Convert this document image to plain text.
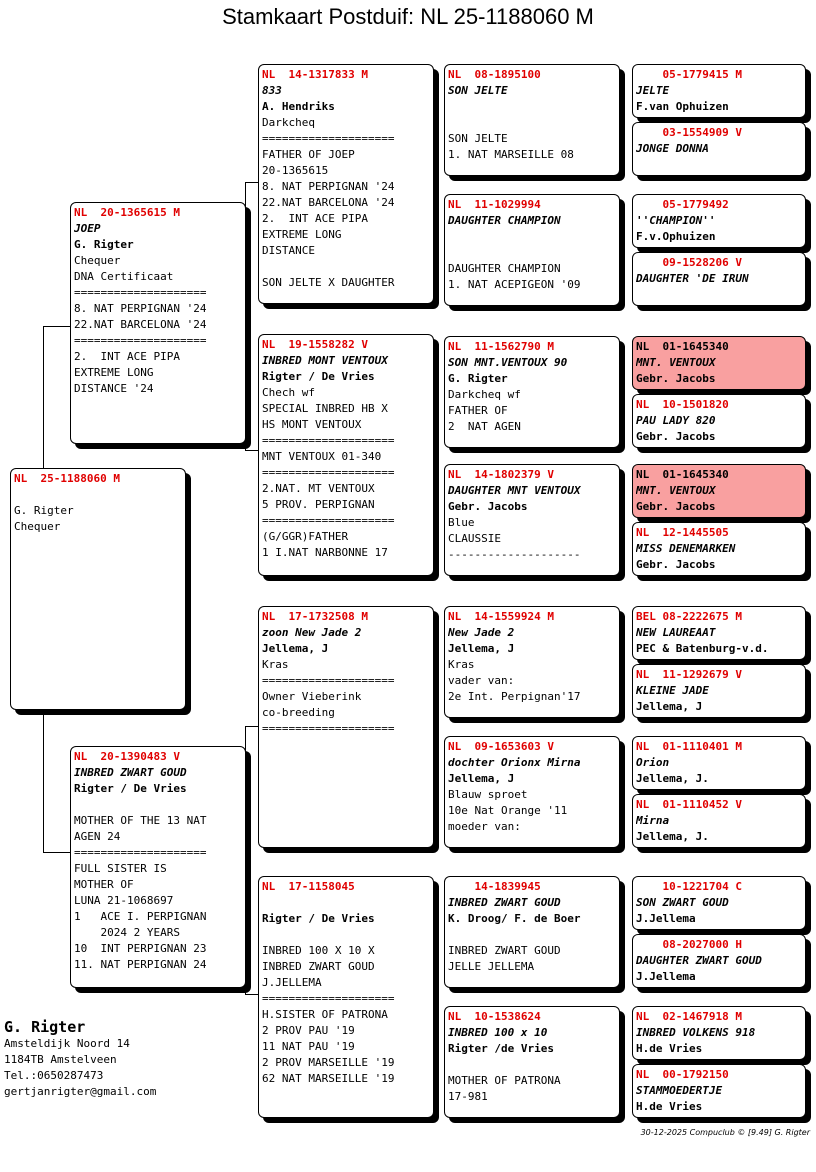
Stamkaart Postduif: NL 25-1188060 M
NL  25-1188060 M
G. Rigter
Chequer
NL  20-1365615 M
JOEP
G. Rigter
Chequer
DNA Certificaat
====================
8. NAT PERPIGNAN '24
22.NAT BARCELONA '24
====================
2.  INT ACE PIPA
EXTREME LONG
DISTANCE '24
NL  20-1390483 V
INBRED ZWART GOUD
Rigter / De Vries
MOTHER OF THE 13 NAT
AGEN 24
====================
FULL SISTER IS
MOTHER OF
LUNA 21-1068697
1   ACE I. PERPIGNAN
2024 2 YEARS
10  INT PERPIGNAN 23
11. NAT PERPIGNAN 24
NL  14-1317833 M
833
A. Hendriks
Darkcheq
====================
FATHER OF JOEP
20-1365615
8. NAT PERPIGNAN '24
22.NAT BARCELONA '24
2.  INT ACE PIPA
EXTREME LONG
DISTANCE
SON JELTE X DAUGHTER
NL  19-1558282 V
INBRED MONT VENTOUX
Rigter / De Vries
Chech wf
SPECIAL INBRED HB X
HS MONT VENTOUX
====================
MNT VENTOUX 01-340
====================
2.NAT. MT VENTOUX
5 PROV. PERPIGNAN
====================
(G/GGR)FATHER
1 I.NAT NARBONNE 17
NL  17-1732508 M
zoon New Jade 2
Jellema, J
Kras
====================
Owner Vieberink
co-breeding
====================
NL  17-1158045
Rigter / De Vries
INBRED 100 X 10 X
INBRED ZWART GOUD
J.JELLEMA
====================
H.SISTER OF PATRONA
2 PROV PAU '19
11 NAT PAU '19
2 PROV MARSEILLE '19
62 NAT MARSEILLE '19
NL  08-1895100
SON JELTE
SON JELTE
1. NAT MARSEILLE 08
NL  11-1029994
DAUGHTER CHAMPION
DAUGHTER CHAMPION
1. NAT ACEPIGEON '09
NL  11-1562790 M
SON MNT.VENTOUX 90
G. Rigter
Darkcheq wf
FATHER OF
2  NAT AGEN
NL  14-1802379 V
DAUGHTER MNT VENTOUX
Gebr. Jacobs
Blue
CLAUSSIE
--------------------
NL  14-1559924 M
New Jade 2
Jellema, J
Kras
vader van:
2e Int. Perpignan'17
NL  09-1653603 V
dochter Orionx Mirna
Jellema, J
Blauw sproet
10e Nat Orange '11
moeder van:
14-1839945
INBRED ZWART GOUD
K. Droog/ F. de Boer
INBRED ZWART GOUD
JELLE JELLEMA
NL  10-1538624
INBRED 100 x 10
Rigter /de Vries
MOTHER OF PATRONA
17-981
05-1779415 M
JELTE
F.van Ophuizen
03-1554909 V
JONGE DONNA
05-1779492
''CHAMPION''
F.v.Ophuizen
09-1528206 V
DAUGHTER 'DE IRUN
NL  01-1645340
MNT. VENTOUX
Gebr. Jacobs
NL  10-1501820
PAU LADY 820
Gebr. Jacobs
NL  01-1645340
MNT. VENTOUX
Gebr. Jacobs
NL  12-1445505
MISS DENEMARKEN
Gebr. Jacobs
BEL 08-2222675 M
NEW LAUREAAT
PEC & Batenburg-v.d.
NL  11-1292679 V
KLEINE JADE
Jellema, J
NL  01-1110401 M
Orion
Jellema, J.
NL  01-1110452 V
Mirna
Jellema, J.
10-1221704 C
SON ZWART GOUD
J.Jellema
08-2027000 H
DAUGHTER ZWART GOUD
J.Jellema
NL  02-1467918 M
INBRED VOLKENS 918
H.de Vries
NL  00-1792150
STAMMOEDERTJE
H.de Vries
G. Rigter
Amsteldijk Noord 14
1184TB Amstelveen
Tel.:0650287473
gertjanrigter@gmail.com
30-12-2025 Compuclub © [9.49] G. Rigter
